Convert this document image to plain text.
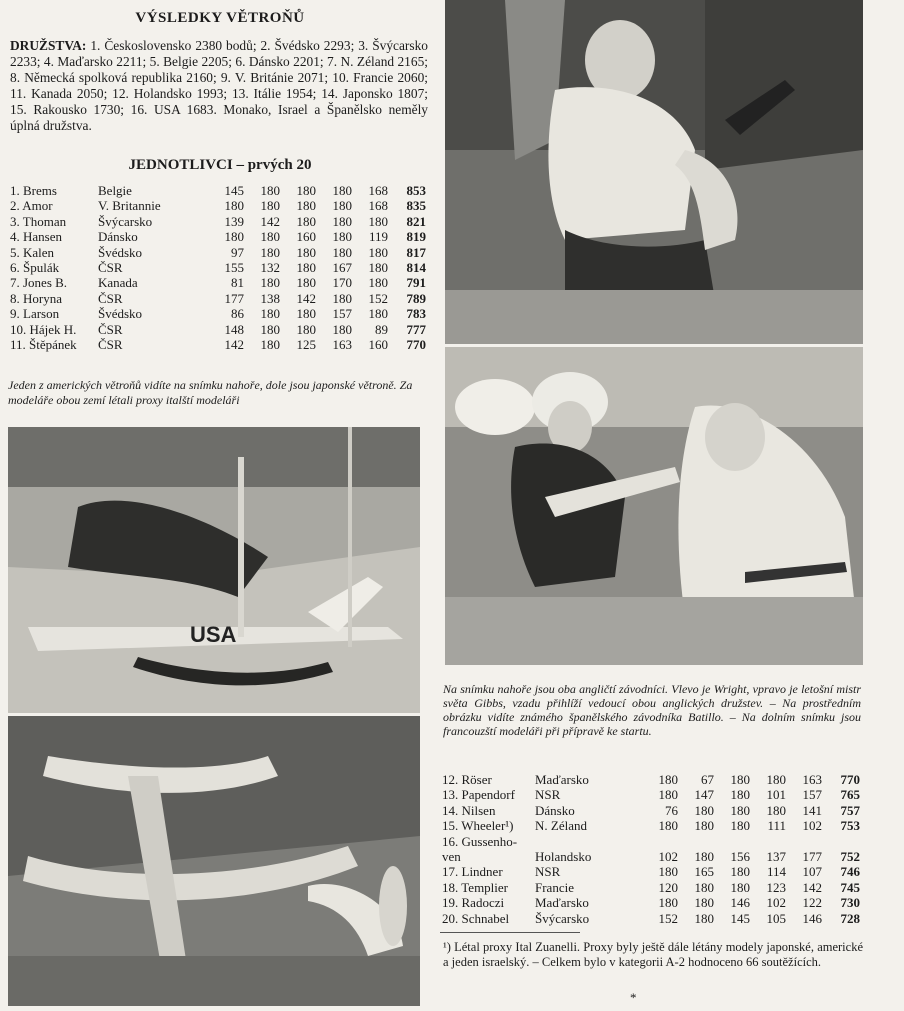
VÝSLEDKY VĚTROŇŮ
DRUŽSTVA: 1. Československo 2380 bodů; 2. Švédsko 2293; 3. Švýcarsko 2233; 4. Maďarsko 2211; 5. Belgie 2205; 6. Dánsko 2201; 7. N. Zéland 2165; 8. Německá spolková republika 2160; 9. V. Británie 2071; 10. Francie 2060; 11. Kanada 2050; 12. Holandsko 1993; 13. Itálie 1954; 14. Japonsko 1807; 15. Rakousko 1730; 16. USA 1683. Monako, Israel a Španělsko neměly úplná družstva.
JEDNOTLIVCI – prvých 20
1. Brems	Belgie	145	180	180	180	168	853
2. Amor	V. Britannie	180	180	180	180	168	835
3. Thoman	Švýcarsko	139	142	180	180	180	821
4. Hansen	Dánsko	180	180	160	180	119	819
5. Kalen	Švédsko	97	180	180	180	180	817
6. Špulák	ČSR	155	132	180	167	180	814
7. Jones B.	Kanada	81	180	180	170	180	791
8. Horyna	ČSR	177	138	142	180	152	789
9. Larson	Švédsko	86	180	180	157	180	783
10. Hájek H.	ČSR	148	180	180	180	89	777
11. Štěpánek	ČSR	142	180	125	163	160	770
Jeden z amerických větroňů vidíte na snímku nahoře, dole jsou japonské větroně. Za modeláře obou zemí létali proxy italští modeláři
USA
Na snímku nahoře jsou oba angličtí závodníci. Vlevo je Wright, vpravo je letošní mistr světa Gibbs, vzadu přihlíží vedoucí obou anglických družstev. – Na prostředním obrázku vidíte známého španělského závodníka Batillo. – Na dolním snímku jsou francouzští modeláři při přípravě ke startu.
12. Röser	Maďarsko	180	67	180	180	163	770
13. Papendorf	NSR	180	147	180	101	157	765
14. Nilsen	Dánsko	76	180	180	180	141	757
15. Wheeler¹)	N. Zéland	180	180	180	111	102	753
16. Gussenho-							
ven	Holandsko	102	180	156	137	177	752
17. Lindner	NSR	180	165	180	114	107	746
18. Templier	Francie	120	180	180	123	142	745
19. Radoczi	Maďarsko	180	180	146	102	122	730
20. Schnabel	Švýcarsko	152	180	145	105	146	728
¹) Létal proxy Ital Zuanelli. Proxy byly ještě dále létány modely japonské, americké a jeden israelský. – Celkem bylo v kategorii A-2 hodnoceno 66 soutěžících.
*
